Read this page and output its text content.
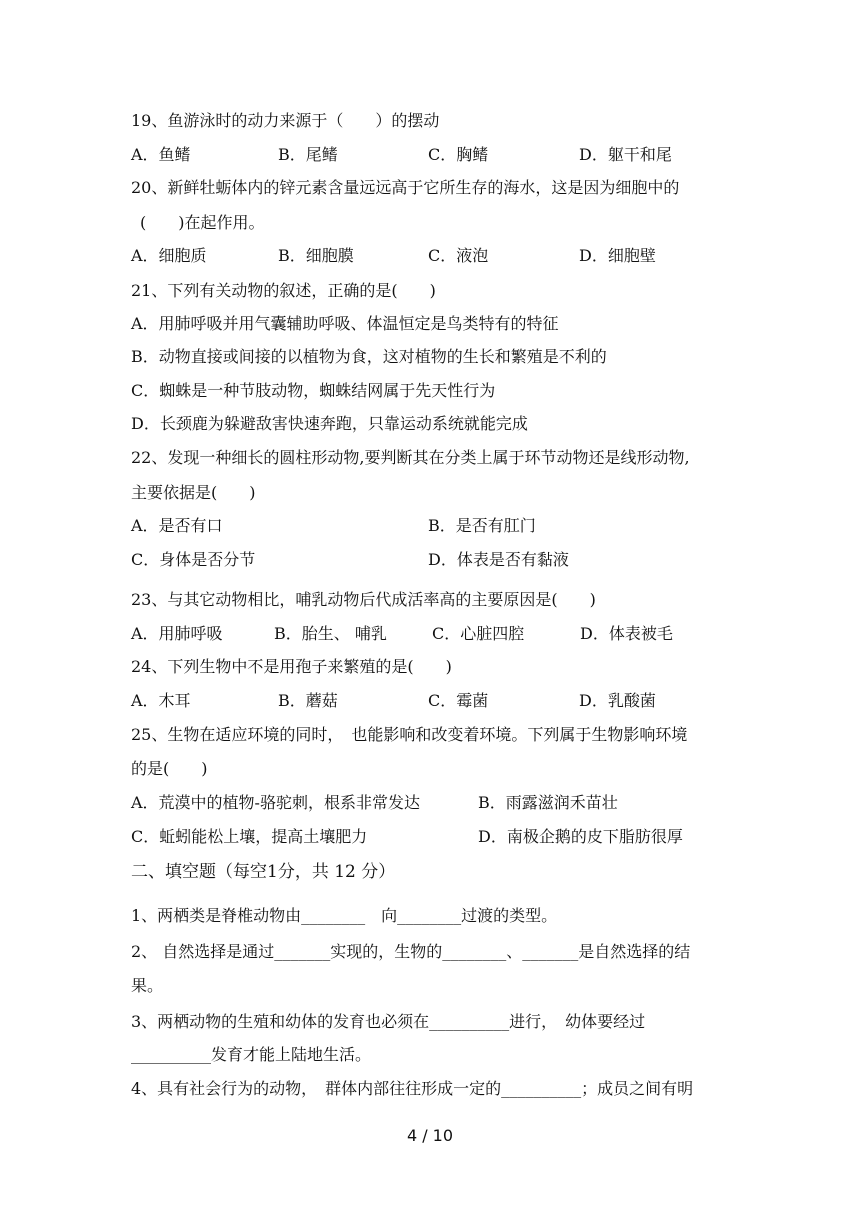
19、鱼游泳时的动力来源于（　　）的摆动
A．鱼鳍	B．尾鳍	C．胸鳍	D．躯干和尾
20、新鲜牡蛎体内的锌元素含量远远高于它所生存的海水，这是因为细胞中的
(　　)在起作用。
A．细胞质	B．细胞膜	C．液泡	D．细胞壁
21、下列有关动物的叙述，正确的是(　　)
A．用肺呼吸并用气囊辅助呼吸、体温恒定是鸟类特有的特征
B．动物直接或间接的以植物为食，这对植物的生长和繁殖是不利的
C．蜘蛛是一种节肢动物，蜘蛛结网属于先天性行为
D．长颈鹿为躲避敌害快速奔跑，只靠运动系统就能完成
22、发现一种细长的圆柱形动物,要判断其在分类上属于环节动物还是线形动物,
主要依据是(　　)
A．是否有口	B．是否有肛门
C．身体是否分节	D．体表是否有黏液
23、与其它动物相比，哺乳动物后代成活率高的主要原因是(　　)
A．用肺呼吸	B．胎生、 哺乳	C．心脏四腔	D．体表被毛
24、下列生物中不是用孢子来繁殖的是(　　)
A．木耳	B．蘑菇	C．霉菌	D．乳酸菌
25、生物在适应环境的同时，　也能影响和改变着环境。下列属于生物影响环境
的是(　　)
A．荒漠中的植物-骆驼刺，根系非常发达	B．雨露滋润禾苗壮
C．蚯蚓能松上壤，提高土壤肥力	D．南极企鹅的皮下脂肪很厚
二、填空题（每空1分，共 12 分）
1、两栖类是脊椎动物由________　向________过渡的类型。
2、 自然选择是通过_______实现的，生物的________、_______是自然选择的结
果。
3、两栖动物的生殖和幼体的发育也必须在__________进行，　幼体要经过
__________发育才能上陆地生活。
4、具有社会行为的动物，　群体内部往往形成一定的__________；成员之间有明
4 / 10
